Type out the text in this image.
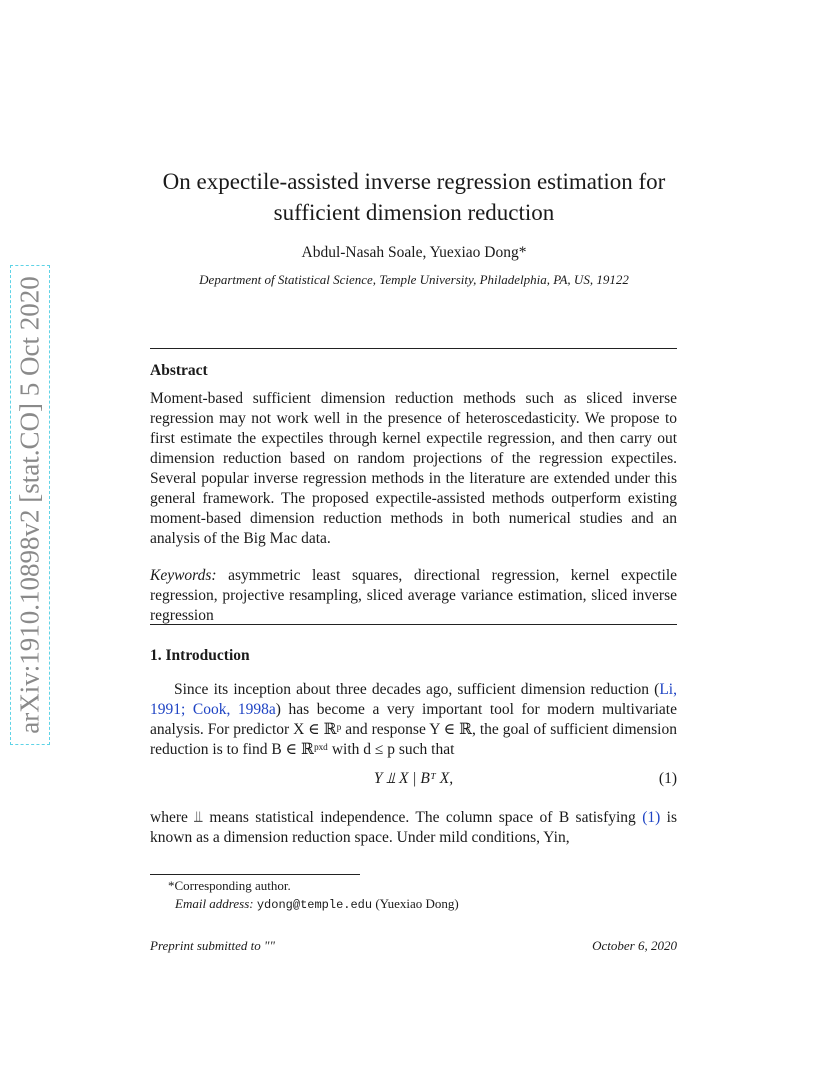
arXiv:1910.10898v2 [stat.CO] 5 Oct 2020
On expectile-assisted inverse regression estimation for
sufficient dimension reduction
Abdul-Nasah Soale, Yuexiao Dong*
Department of Statistical Science, Temple University, Philadelphia, PA, US, 19122
Abstract
Moment-based sufficient dimension reduction methods such as sliced inverse regression may not work well in the presence of heteroscedasticity. We propose to first estimate the expectiles through kernel expectile regression, and then carry out dimension reduction based on random projections of the regression expectiles. Several popular inverse regression methods in the literature are extended under this general framework. The proposed expectile-assisted methods outperform existing moment-based dimension reduction methods in both numerical studies and an analysis of the Big Mac data.
Keywords: asymmetric least squares, directional regression, kernel expectile regression, projective resampling, sliced average variance estimation, sliced inverse regression
1. Introduction
Since its inception about three decades ago, sufficient dimension reduction (Li, 1991; Cook, 1998a) has become a very important tool for modern multivariate analysis. For predictor X ∈ ℝᵖ and response Y ∈ ℝ, the goal of sufficient dimension reduction is to find B ∈ ℝᵖˣᵈ with d ≤ p such that
Y ⫫ X | Bᵀ X,	(1)
where ⫫ means statistical independence. The column space of B satisfying (1) is known as a dimension reduction space. Under mild conditions, Yin,
*Corresponding author.
Email address: ydong@temple.edu (Yuexiao Dong)
Preprint submitted to ""	October 6, 2020
